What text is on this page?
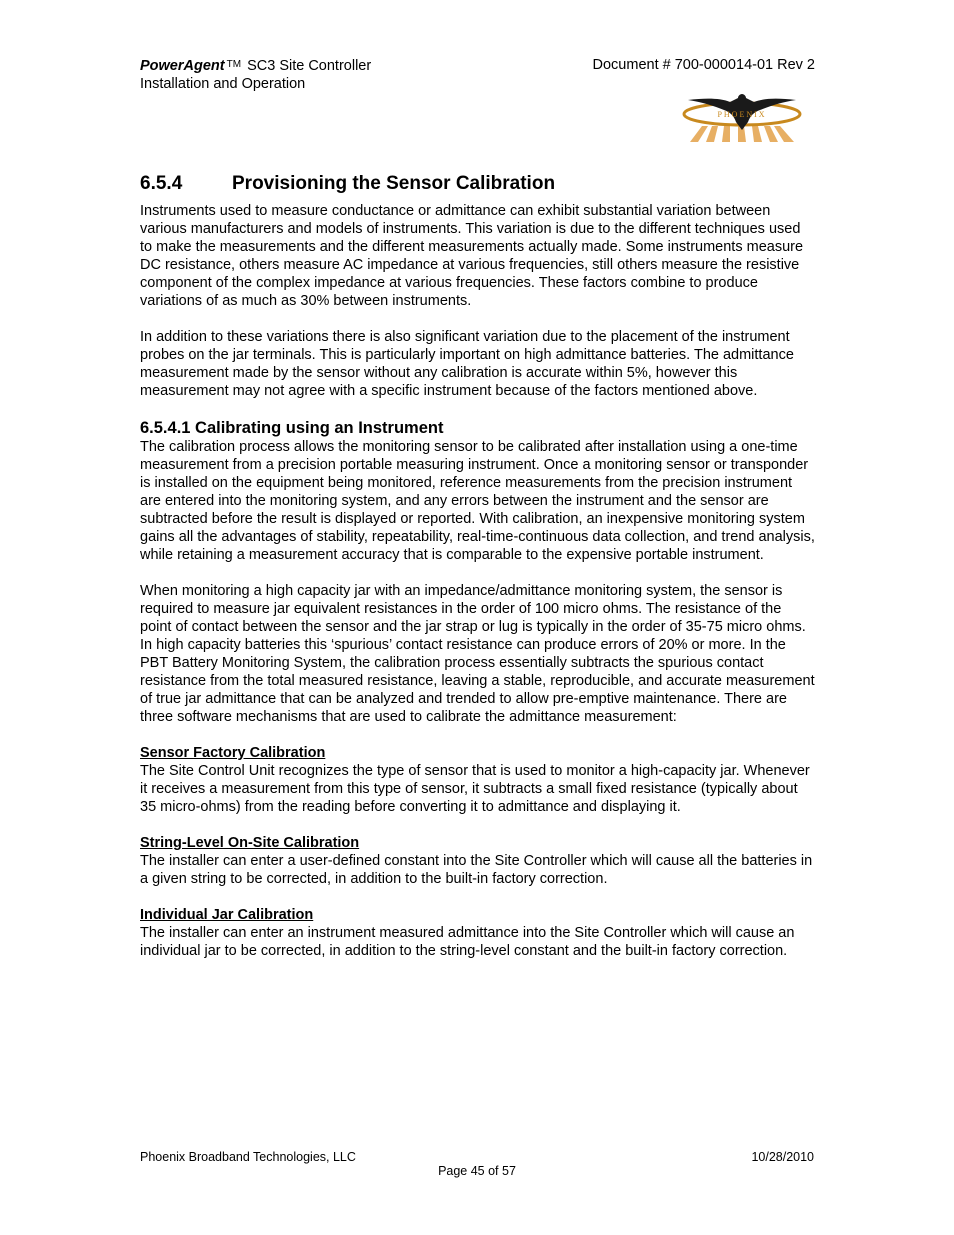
PowerAgent ™ SC3 Site Controller
Installation and Operation
Document # 700-000014-01 Rev 2
PHOENIX
6.5.4	Provisioning the Sensor Calibration

Instruments used to measure conductance or admittance can exhibit substantial variation between various manufacturers and models of instruments. This variation is due to the different techniques used to make the measurements and the different measurements actually made. Some instruments measure DC resistance, others measure AC impedance at various frequencies, still others measure the resistive component of the complex impedance at various frequencies. These factors combine to produce variations of as much as 30% between instruments.

In addition to these variations there is also significant variation due to the placement of the instrument probes on the jar terminals. This is particularly important on high admittance batteries. The admittance measurement made by the sensor without any calibration is accurate within 5%, however this measurement may not agree with a specific instrument because of the factors mentioned above.

6.5.4.1 Calibrating using an Instrument

The calibration process allows the monitoring sensor to be calibrated after installation using a one-time measurement from a precision portable measuring instrument. Once a monitoring sensor or transponder is installed on the equipment being monitored, reference measurements from the precision instrument are entered into the monitoring system, and any errors between the instrument and the sensor are subtracted before the result is displayed or reported. With calibration, an inexpensive monitoring system gains all the advantages of stability, repeatability, real-time-continuous data collection, and trend analysis, while retaining a measurement accuracy that is comparable to the expensive portable instrument.

When monitoring a high capacity jar with an impedance/admittance monitoring system, the sensor is required to measure jar equivalent resistances in the order of 100 micro ohms. The resistance of the point of contact between the sensor and the jar strap or lug is typically in the order of 35-75 micro ohms. In high capacity batteries this ‘spurious’ contact resistance can produce errors of 20% or more. In the PBT Battery Monitoring System, the calibration process essentially subtracts the spurious contact resistance from the total measured resistance, leaving a stable, reproducible, and accurate measurement of true jar admittance that can be analyzed and trended to allow pre-emptive maintenance. There are three software mechanisms that are used to calibrate the admittance measurement:

Sensor Factory Calibration

The Site Control Unit recognizes the type of sensor that is used to monitor a high-capacity jar. Whenever it receives a measurement from this type of sensor, it subtracts a small fixed resistance (typically about 35 micro-ohms) from the reading before converting it to admittance and displaying it.

String-Level On-Site Calibration

The installer can enter a user-defined constant into the Site Controller which will cause all the batteries in a given string to be corrected, in addition to the built-in factory correction.

Individual Jar Calibration

The installer can enter an instrument measured admittance into the Site Controller which will cause an individual jar to be corrected, in addition to the string-level constant and the built-in factory correction.

Phoenix Broadband Technologies, LLC	10/28/2010
Page 45 of 57
